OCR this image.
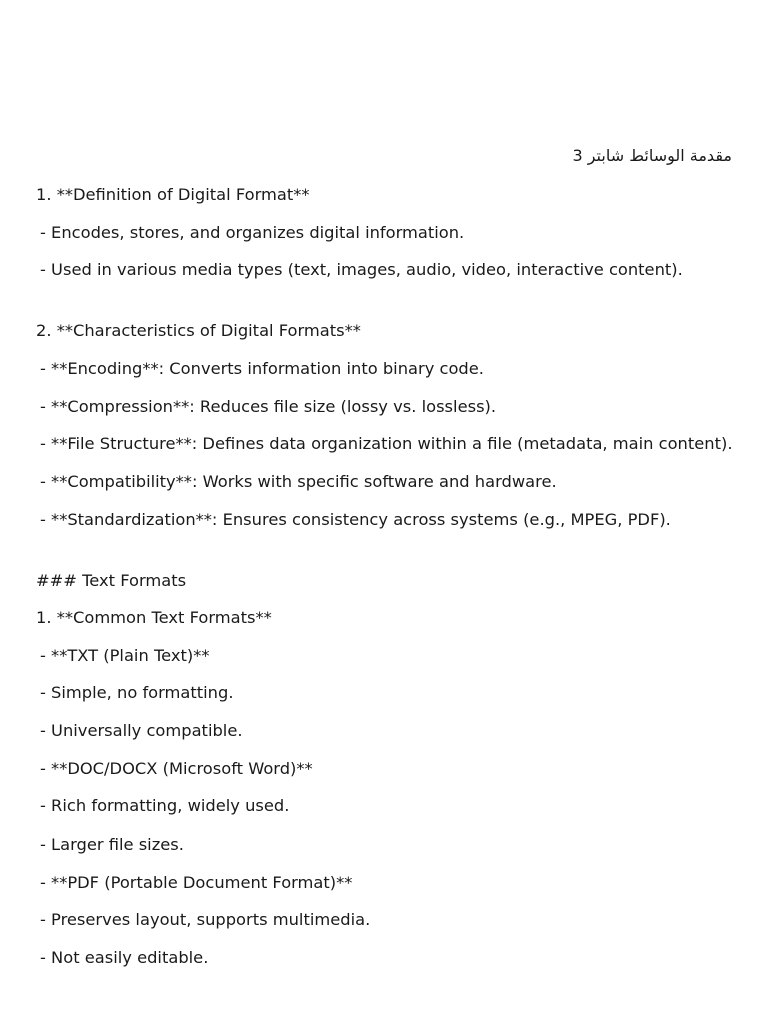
مقدمة الوسائط شابتر 3
1. **Definition of Digital Format**
- Encodes, stores, and organizes digital information.
- Used in various media types (text, images, audio, video, interactive content).
2. **Characteristics of Digital Formats**
- **Encoding**: Converts information into binary code.
- **Compression**: Reduces file size (lossy vs. lossless).
- **File Structure**: Defines data organization within a file (metadata, main content).
- **Compatibility**: Works with specific software and hardware.
- **Standardization**: Ensures consistency across systems (e.g., MPEG, PDF).
### Text Formats
1. **Common Text Formats**
- **TXT (Plain Text)**
- Simple, no formatting.
- Universally compatible.
- **DOC/DOCX (Microsoft Word)**
- Rich formatting, widely used.
- Larger file sizes.
- **PDF (Portable Document Format)**
- Preserves layout, supports multimedia.
- Not easily editable.
